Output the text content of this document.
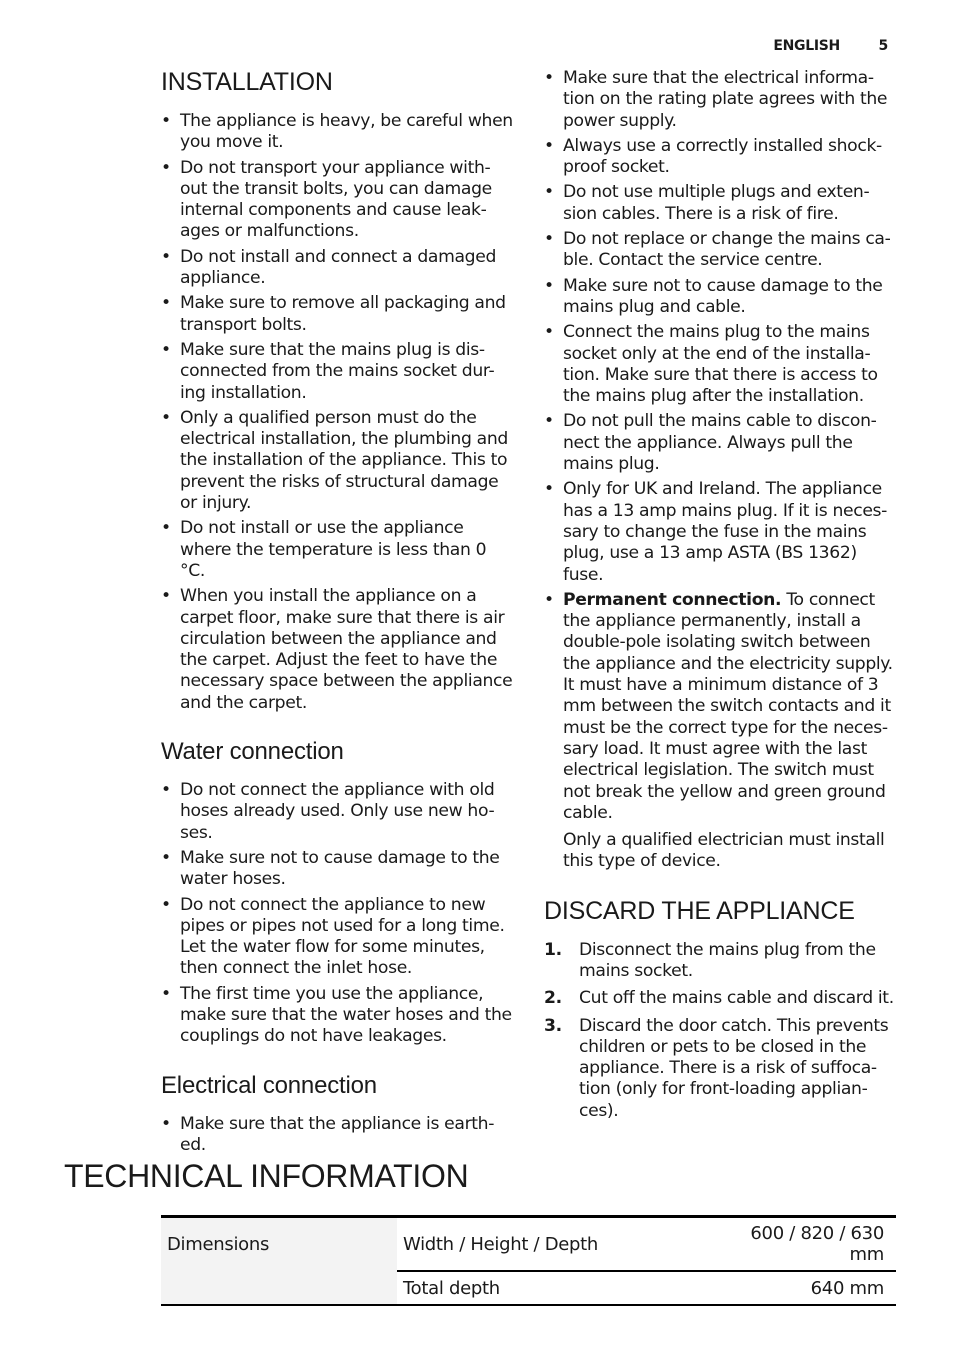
ENGLISH	5
INSTALLATION
• The appliance is heavy, be careful when you move it.
• Do not transport your appliance with-out the transit bolts, you can damage internal components and cause leak-ages or malfunctions.
• Do not install and connect a damaged appliance.
• Make sure to remove all packaging and transport bolts.
• Make sure that the mains plug is dis-connected from the mains socket dur-ing installation.
• Only a qualified person must do the electrical installation, the plumbing and the installation of the appliance. This to prevent the risks of structural damage or injury.
• Do not install or use the appliance where the temperature is less than 0 °C.
• When you install the appliance on a carpet floor, make sure that there is air circulation between the appliance and the carpet. Adjust the feet to have the necessary space between the appliance and the carpet.
Water connection
• Do not connect the appliance with old hoses already used. Only use new ho-ses.
• Make sure not to cause damage to the water hoses.
• Do not connect the appliance to new pipes or pipes not used for a long time. Let the water flow for some minutes, then connect the inlet hose.
• The first time you use the appliance, make sure that the water hoses and the couplings do not have leakages.
Electrical connection
• Make sure that the appliance is earth-ed.
• Make sure that the electrical informa-tion on the rating plate agrees with the power supply.
• Always use a correctly installed shock-proof socket.
• Do not use multiple plugs and exten-sion cables. There is a risk of fire.
• Do not replace or change the mains ca-ble. Contact the service centre.
• Make sure not to cause damage to the mains plug and cable.
• Connect the mains plug to the mains socket only at the end of the installa-tion. Make sure that there is access to the mains plug after the installation.
• Do not pull the mains cable to discon-nect the appliance. Always pull the mains plug.
• Only for UK and Ireland. The appliance has a 13 amp mains plug. If it is neces-sary to change the fuse in the mains plug, use a 13 amp ASTA (BS 1362) fuse.
• Permanent connection. To connect the appliance permanently, install a double-pole isolating switch between the appliance and the electricity supply. It must have a minimum distance of 3 mm between the switch contacts and it must be the correct type for the neces-sary load. It must agree with the last electrical legislation. The switch must not break the yellow and green ground cable.

Only a qualified electrician must install this type of device.

DISCARD THE APPLIANCE
1. Disconnect the mains plug from the mains socket.
2. Cut off the mains cable and discard it.
3. Discard the door catch. This prevents children or pets to be closed in the appliance. There is a risk of suffoca-tion (only for front-loading applian-ces).
TECHNICAL INFORMATION
Dimensions	Width / Height / Depth	600 / 820 / 630 mm
	Total depth	640 mm
